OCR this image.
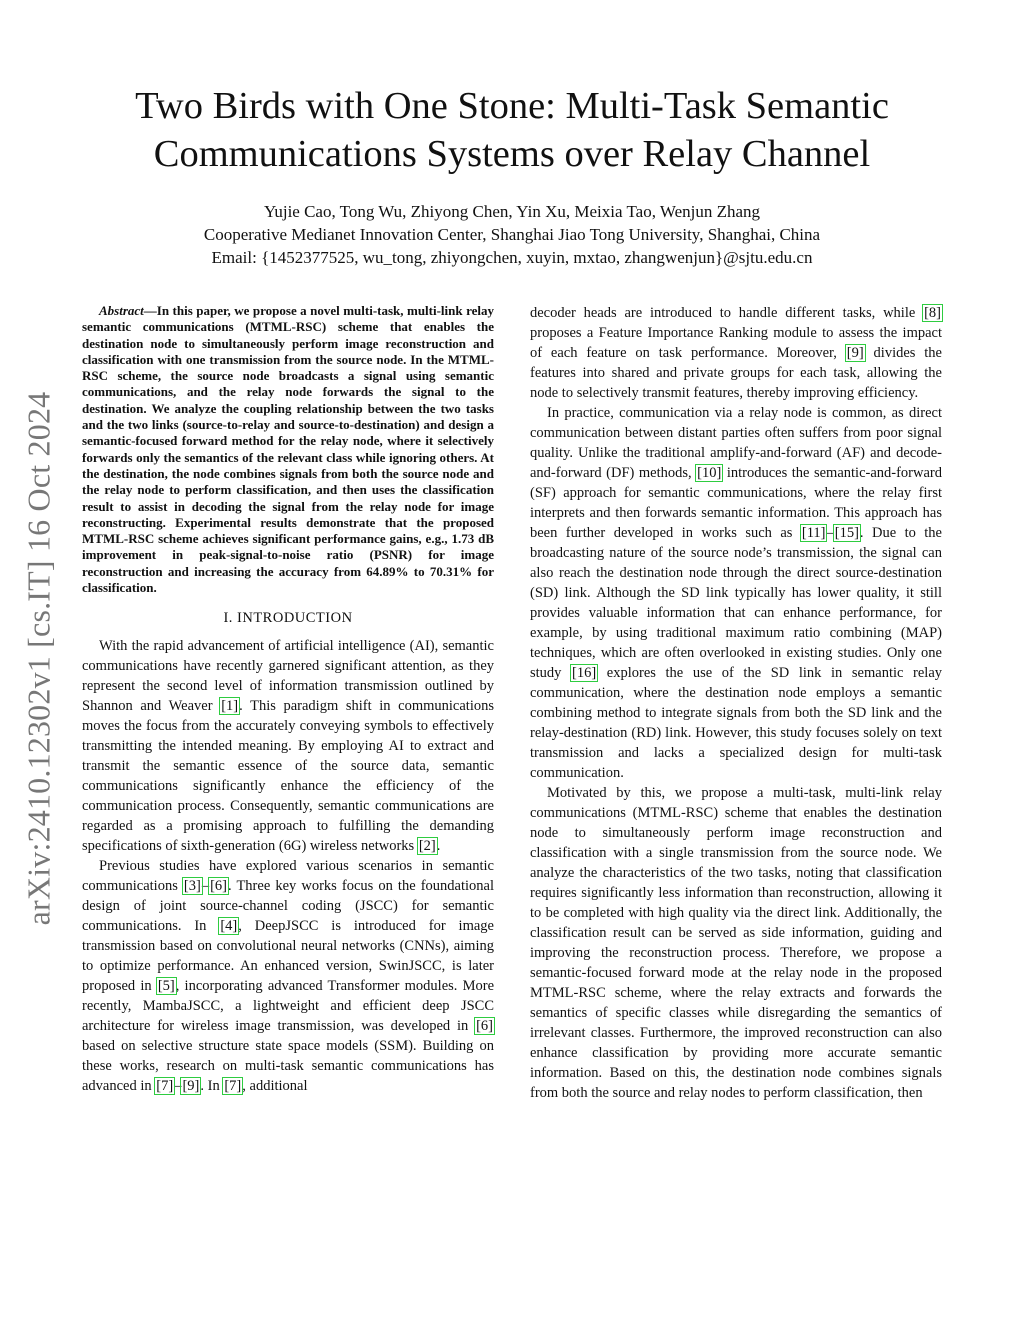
arXiv:2410.12302v1 [cs.IT] 16 Oct 2024
Two Birds with One Stone: Multi-Task Semantic Communications Systems over Relay Channel
Yujie Cao, Tong Wu, Zhiyong Chen, Yin Xu, Meixia Tao, Wenjun Zhang
Cooperative Medianet Innovation Center, Shanghai Jiao Tong University, Shanghai, China
Email: {1452377525, wu_tong, zhiyongchen, xuyin, mxtao, zhangwenjun}@sjtu.edu.cn

Abstract—In this paper, we propose a novel multi-task, multi-link relay semantic communications (MTML-RSC) scheme that enables the destination node to simultaneously perform image reconstruction and classification with one transmission from the source node. In the MTML-RSC scheme, the source node broadcasts a signal using semantic communications, and the relay node forwards the signal to the destination. We analyze the coupling relationship between the two tasks and the two links (source-to-relay and source-to-destination) and design a semantic-focused forward method for the relay node, where it selectively forwards only the semantics of the relevant class while ignoring others. At the destination, the node combines signals from both the source node and the relay node to perform classification, and then uses the classification result to assist in decoding the signal from the relay node for image reconstructing. Experimental results demonstrate that the proposed MTML-RSC scheme achieves significant performance gains, e.g., 1.73 dB improvement in peak-signal-to-noise ratio (PSNR) for image reconstruction and increasing the accuracy from 64.89% to 70.31% for classification.

I. INTRODUCTION

With the rapid advancement of artificial intelligence (AI), semantic communications have recently garnered significant attention, as they represent the second level of information transmission outlined by Shannon and Weaver [1]. This paradigm shift in communications moves the focus from the accurately conveying symbols to effectively transmitting the intended meaning. By employing AI to extract and transmit the semantic essence of the source data, semantic communications significantly enhance the efficiency of the communication process. Consequently, semantic communications are regarded as a promising approach to fulfilling the demanding specifications of sixth-generation (6G) wireless networks [2].

Previous studies have explored various scenarios in semantic communications [3]–[6]. Three key works focus on the foundational design of joint source-channel coding (JSCC) for semantic communications. In [4], DeepJSCC is introduced for image transmission based on convolutional neural networks (CNNs), aiming to optimize performance. An enhanced version, SwinJSCC, is later proposed in [5], incorporating advanced Transformer modules. More recently, MambaJSCC, a lightweight and efficient deep JSCC architecture for wireless image transmission, was developed in [6] based on selective structure state space models (SSM). Building on these works, research on multi-task semantic communications has advanced in [7]–[9]. In [7], additional

decoder heads are introduced to handle different tasks, while [8] proposes a Feature Importance Ranking module to assess the impact of each feature on task performance. Moreover, [9] divides the features into shared and private groups for each task, allowing the node to selectively transmit features, thereby improving efficiency.

In practice, communication via a relay node is common, as direct communication between distant parties often suffers from poor signal quality. Unlike the traditional amplify-and-forward (AF) and decode-and-forward (DF) methods, [10] introduces the semantic-and-forward (SF) approach for semantic communications, where the relay first interprets and then forwards semantic information. This approach has been further developed in works such as [11]–[15]. Due to the broadcasting nature of the source node’s transmission, the signal can also reach the destination node through the direct source-destination (SD) link. Although the SD link typically has lower quality, it still provides valuable information that can enhance performance, for example, by using traditional maximum ratio combining (MAP) techniques, which are often overlooked in existing studies. Only one study [16] explores the use of the SD link in semantic relay communication, where the destination node employs a semantic combining method to integrate signals from both the SD link and the relay-destination (RD) link. However, this study focuses solely on text transmission and lacks a specialized design for multi-task communication.

Motivated by this, we propose a multi-task, multi-link relay communications (MTML-RSC) scheme that enables the destination node to simultaneously perform image reconstruction and classification with a single transmission from the source node. We analyze the characteristics of the two tasks, noting that classification requires significantly less information than reconstruction, allowing it to be completed with high quality via the direct link. Additionally, the classification result can be served as side information, guiding and improving the reconstruction process. Therefore, we propose a semantic-focused forward mode at the relay node in the proposed MTML-RSC scheme, where the relay extracts and forwards the semantics of specific classes while disregarding the semantics of irrelevant classes. Furthermore, the improved reconstruction can also enhance classification by providing more accurate semantic information. Based on this, the destination node combines signals from both the source and relay nodes to perform classification, then
